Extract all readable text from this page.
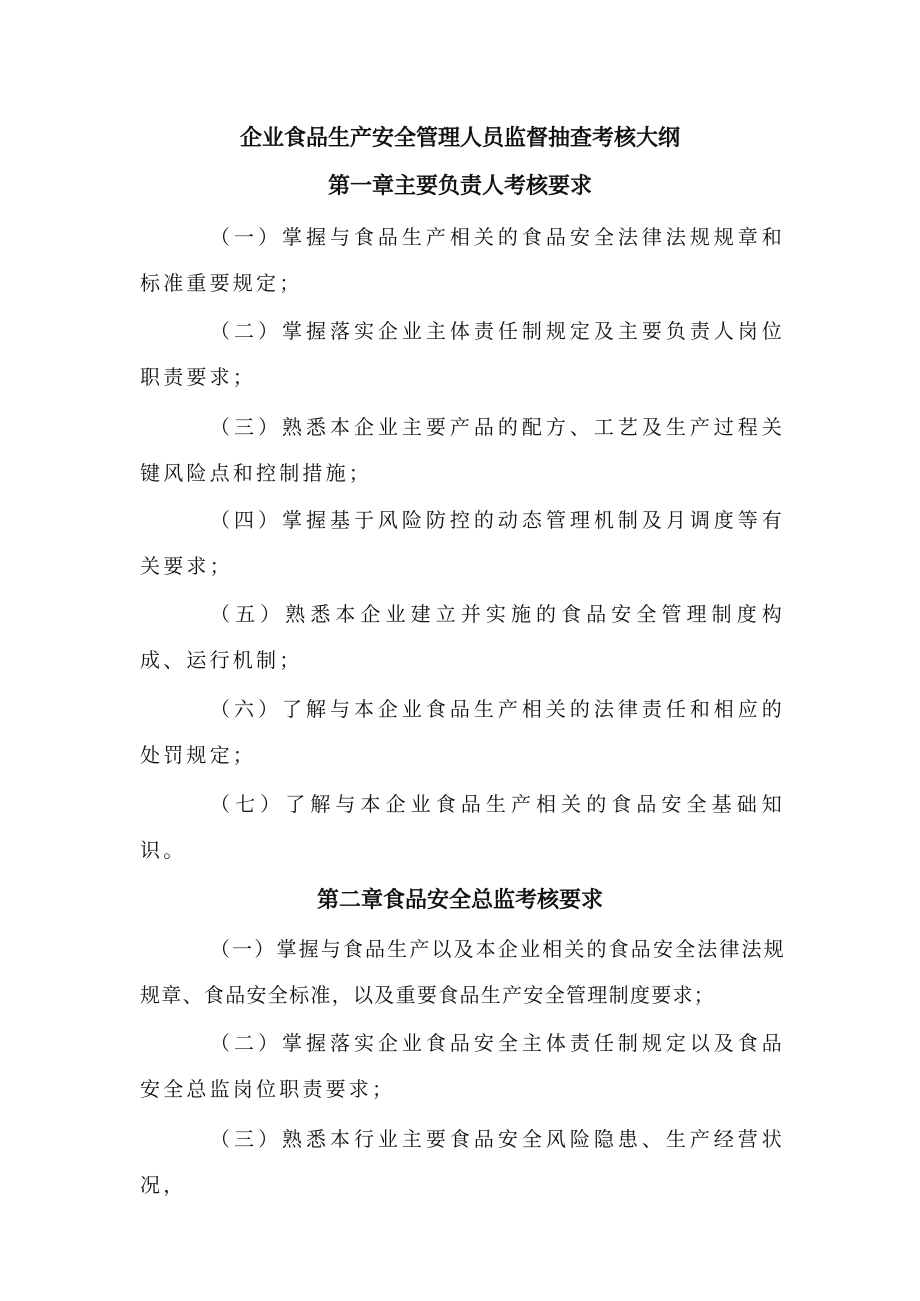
企业食品生产安全管理人员监督抽查考核大纲
第一章主要负责人考核要求

（一）掌握与食品生产相关的食品安全法律法规规章和标准重要规定；

（二）掌握落实企业主体责任制规定及主要负责人岗位职责要求；

（三）熟悉本企业主要产品的配方、工艺及生产过程关键风险点和控制措施；

（四）掌握基于风险防控的动态管理机制及月调度等有关要求；

（五）熟悉本企业建立并实施的食品安全管理制度构成、运行机制；

（六）了解与本企业食品生产相关的法律责任和相应的处罚规定；

（七）了解与本企业食品生产相关的食品安全基础知识。

第二章食品安全总监考核要求

（一）掌握与食品生产以及本企业相关的食品安全法律法规规章、食品安全标准，以及重要食品生产安全管理制度要求；

（二）掌握落实企业食品安全主体责任制规定以及食品安全总监岗位职责要求；

（三）熟悉本行业主要食品安全风险隐患、生产经营状况，
